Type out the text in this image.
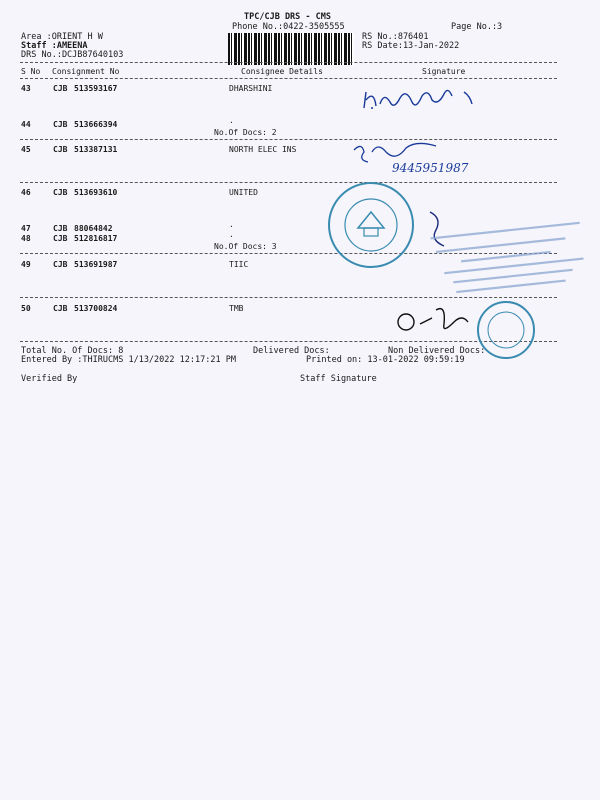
TPC/CJB DRS - CMS
Phone No.:0422-3505555	Page No.:3
Area :ORIENT H W
Staff :AMEENA
DRS No.:DCJB87640103
RS No.:876401
RS Date:13-Jan-2022
S No Consignment No	Consignee Details	Signature
43	CJB 513593167	DHARSHINI
44	CJB 513666394	.
No.Of Docs: 2
45	CJB 513387131	NORTH ELEC INS
46	CJB 513693610	UNITED
47	CJB 88064842	.
48	CJB 512816817	.
No.Of Docs: 3
49	CJB 513691987	TIIC
50	CJB 513700824	TMB
9445951987
Total No. Of Docs: 8	Delivered Docs:	Non Delivered Docs:
Entered By :THIRUCMS 1/13/2022 12:17:21 PM	Printed on: 13-01-2022 09:59:19
Verified By	Staff Signature
